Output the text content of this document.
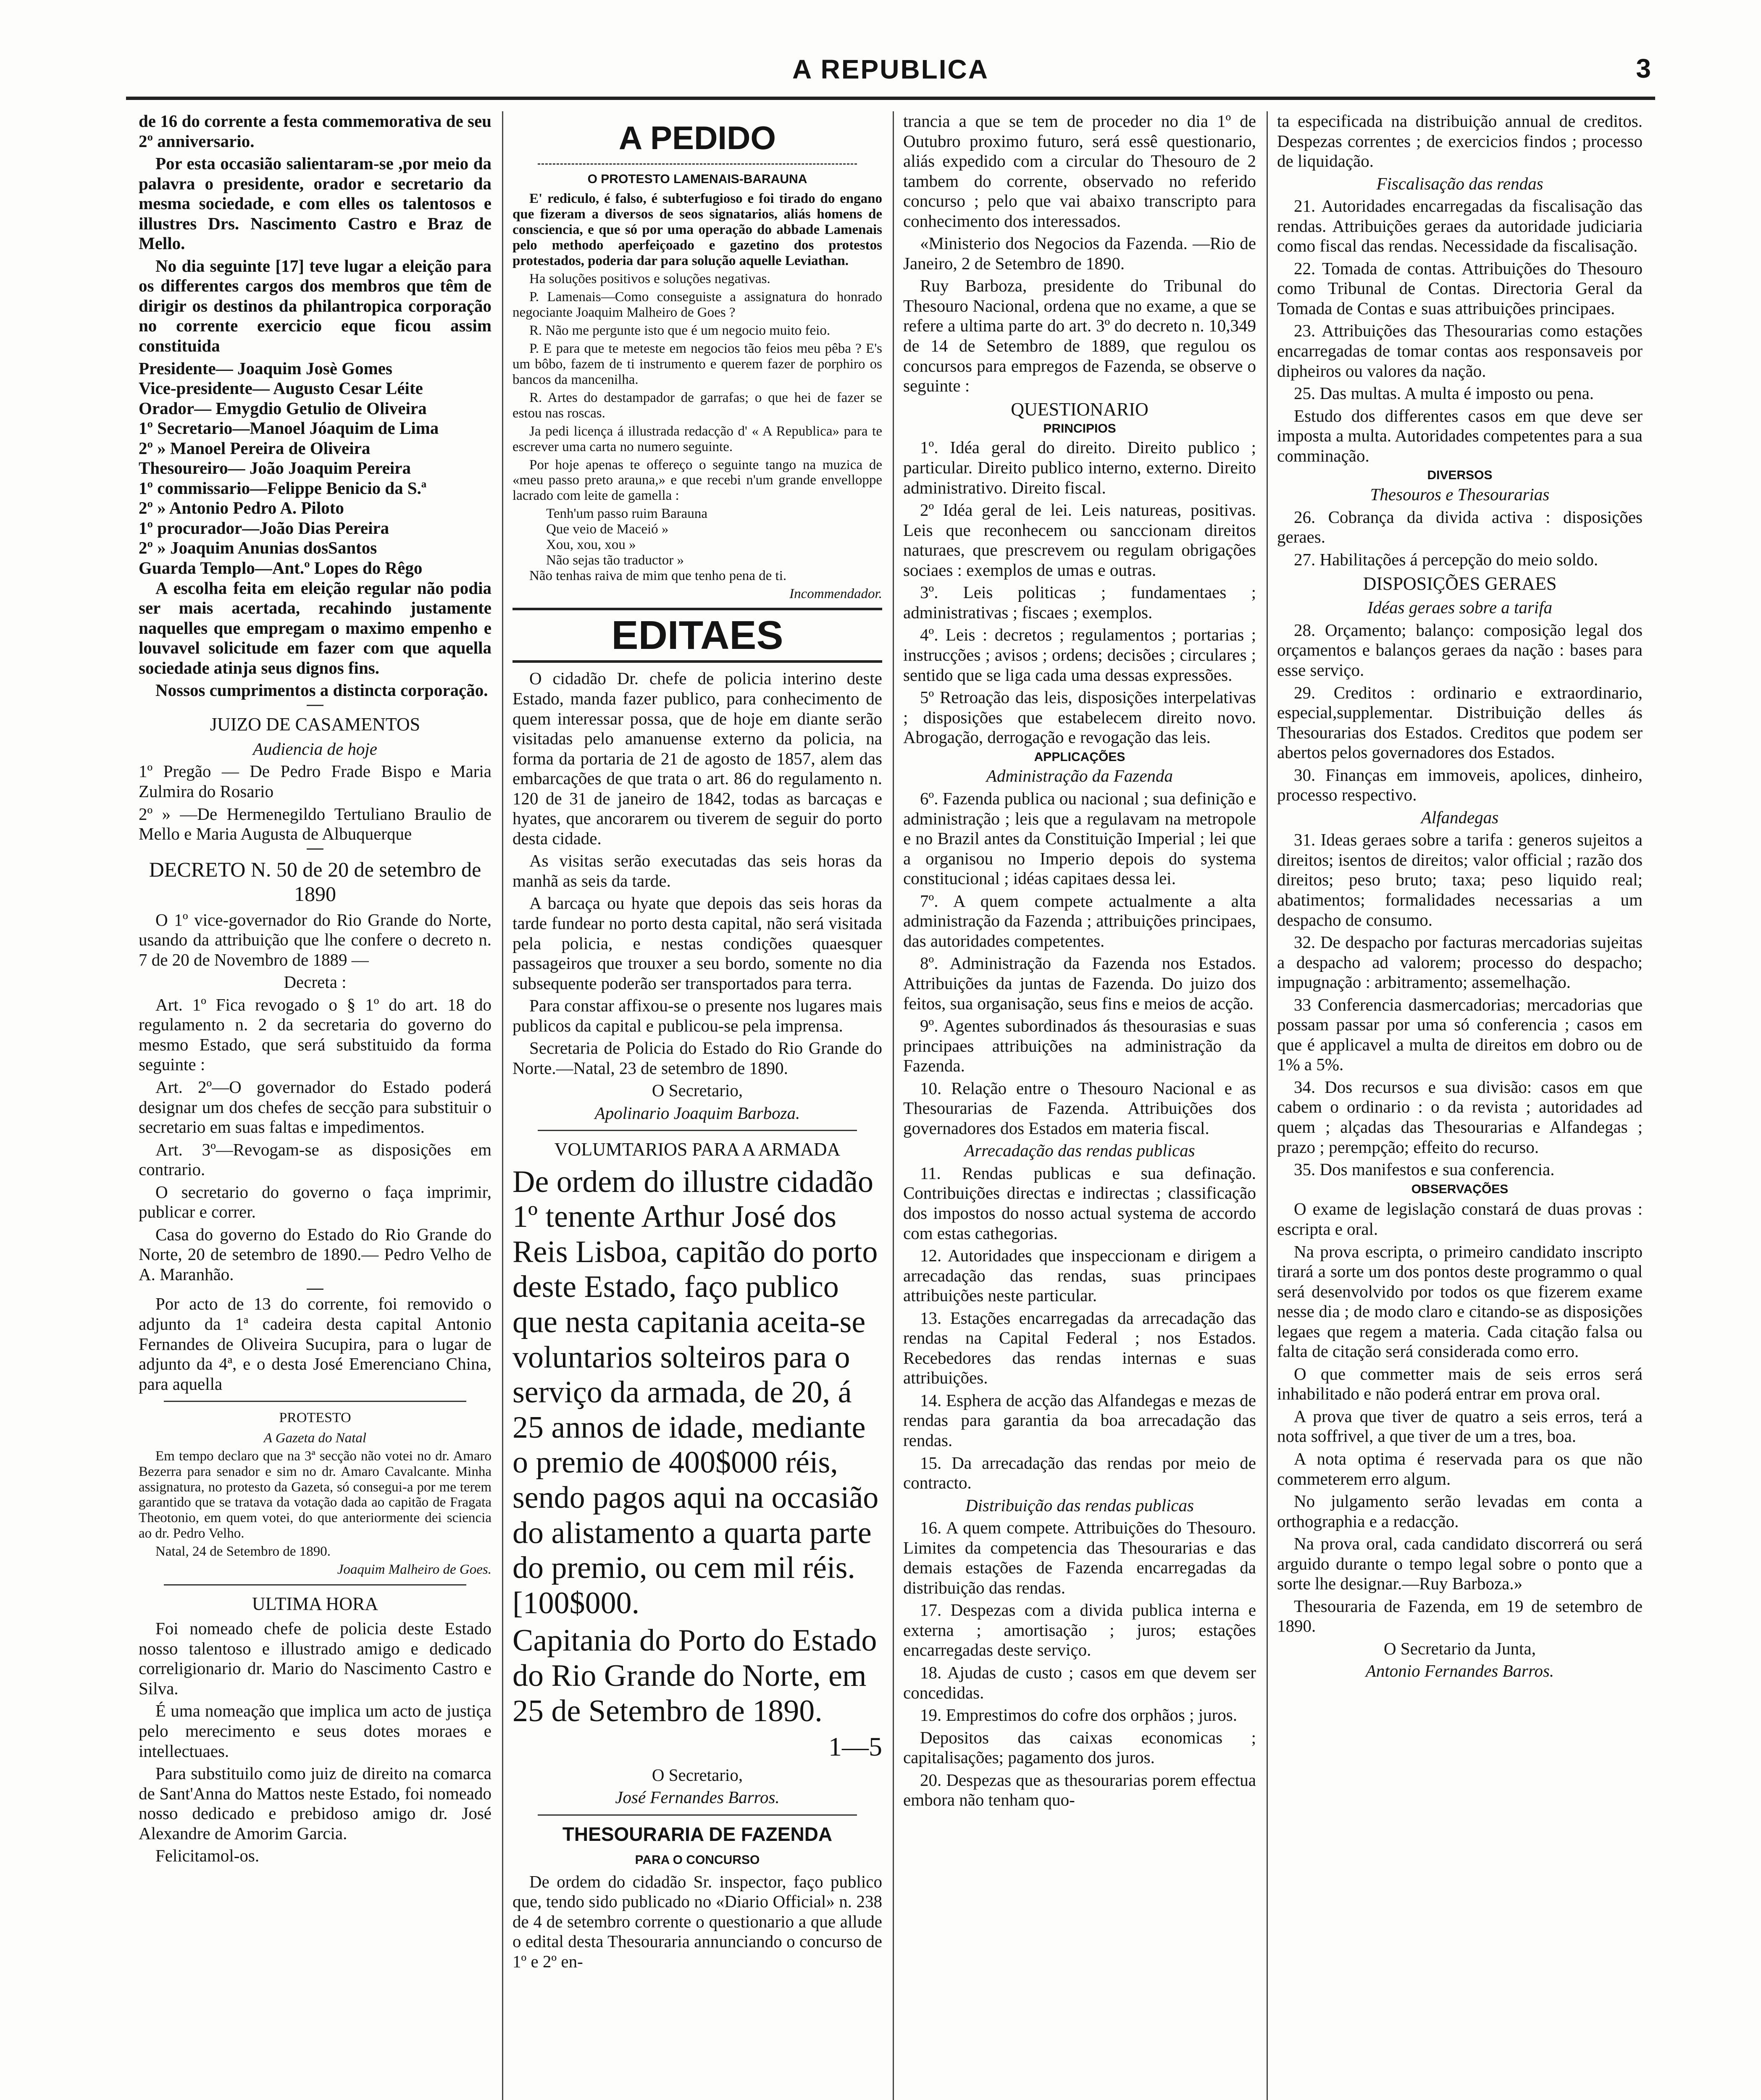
A REPUBLICA	3

de 16 do corrente a festa commemorativa de seu 2º anniversario.

Por esta occasião salientaram-se ,por meio da palavra o presidente, orador e secretario da mesma sociedade, e com elles os talentosos e illustres Drs. Nascimento Castro e Braz de Mello.

No dia seguinte [17] teve lugar a eleição para os differentes cargos dos membros que têm de dirigir os destinos da philantropica corporação no corrente exercicio eque ficou assim constituida

Presidente— Joaquim Josè Gomes
Vice-presidente— Augusto Cesar Léite
Orador— Emygdio Getulio de Oliveira
1º Secretario—Manoel Jóaquim de Lima
2º » Manoel Pereira de Oliveira
Thesoureiro— João Joaquim Pereira
1º commissario—Felippe Benicio da S.ª
2º » Antonio Pedro A. Piloto
1º procurador—João Dias Pereira
2º » Joaquim Anunias dosSantos
Guarda Templo—Ant.º Lopes do Rêgo

A escolha feita em eleição regular não podia ser mais acertada, recahindo justamente naquelles que empregam o maximo empenho e louvavel solicitude em fazer com que aquella sociedade atinja seus dignos fins.

Nossos cumprimentos a distincta corporação.

JUIZO DE CASAMENTOS

Audiencia de hoje

1º Pregão — De Pedro Frade Bispo e Maria Zulmira do Rosario

2º » —De Hermenegildo Tertuliano Braulio de Mello e Maria Augusta de Albuquerque

DECRETO N. 50 de 20 de setembro de 1890

O 1º vice-governador do Rio Grande do Norte, usando da attribuição que lhe confere o decreto n. 7 de 20 de Novembro de 1889 —

Decreta :

Art. 1º Fica revogado o § 1º do art. 18 do regulamento n. 2 da secretaria do governo do mesmo Estado, que será substituido da forma seguinte :

Art. 2º—O governador do Estado poderá designar um dos chefes de secção para substituir o secretario em suas faltas e impedimentos.

Art. 3º—Revogam-se as disposições em contrario.

O secretario do governo o faça imprimir, publicar e correr.

Casa do governo do Estado do Rio Grande do Norte, 20 de setembro de 1890.— Pedro Velho de A. Maranhão.

Por acto de 13 do corrente, foi removido o adjunto da 1ª cadeira desta capital Antonio Fernandes de Oliveira Sucupira, para o lugar de adjunto da 4ª, e o desta José Emerenciano China, para aquella

PROTESTO

A Gazeta do Natal

Em tempo declaro que na 3ª secção não votei no dr. Amaro Bezerra para senador e sim no dr. Amaro Cavalcante. Minha assignatura, no protesto da Gazeta, só consegui-a por me terem garantido que se tratava da votação dada ao capitão de Fragata Theotonio, em quem votei, do que anteriormente dei sciencia ao dr. Pedro Velho.

Natal, 24 de Setembro de 1890.

Joaquim Malheiro de Goes.

ULTIMA HORA

Foi nomeado chefe de policia deste Estado nosso talentoso e illustrado amigo e dedicado correligionario dr. Mario do Nascimento Castro e Silva.

É uma nomeação que implica um acto de justiça pelo merecimento e seus dotes moraes e intellectuaes.

Para substituilo como juiz de direito na comarca de Sant'Anna do Mattos neste Estado, foi nomeado nosso dedicado e prebidoso amigo dr. José Alexandre de Amorim Garcia.

Felicitamol-os.

A PEDIDO
O PROTESTO LAMENAIS-BARAUNA

E' rediculo, é falso, é subterfugioso e foi tirado do engano que fizeram a diversos de seos signatarios, aliás homens de consciencia, e que só por uma operação do abbade Lamenais pelo methodo aperfeiçoado e gazetino dos protestos protestados, poderia dar para solução aquelle Leviathan.

Ha soluções positivos e soluções negativas.

P. Lamenais—Como conseguiste a assignatura do honrado negociante Joaquim Malheiro de Goes ?

R. Não me pergunte isto que é um negocio muito feio.

P. E para que te meteste em negocios tão feios meu pêba ? E's um bôbo, fazem de ti instrumento e querem fazer de porphiro os bancos da mancenilha.

R. Artes do destampador de garrafas; o que hei de fazer se estou nas roscas.

Ja pedi licença á illustrada redacção d' « A Republica» para te escrever uma carta no numero seguinte.

Por hoje apenas te offereço o seguinte tango na muzica de «meu passo preto arauna,» e que recebi n'um grande envelloppe lacrado com leite de gamella :

Tenh'um passo ruim Barauna
Que veio de Maceió »
Xou, xou, xou »
Não sejas tão traductor »

Não tenhas raiva de mim que tenho pena de ti.

Incommendador.

EDITAES

O cidadão Dr. chefe de policia interino deste Estado, manda fazer publico, para conhecimento de quem interessar possa, que de hoje em diante serão visitadas pelo amanuense externo da policia, na forma da portaria de 21 de agosto de 1857, alem das embarcações de que trata o art. 86 do regulamento n. 120 de 31 de janeiro de 1842, todas as barcaças e hyates, que ancorarem ou tiverem de seguir do porto desta cidade.

As visitas serão executadas das seis horas da manhã as seis da tarde.

A barcaça ou hyate que depois das seis horas da tarde fundear no porto desta capital, não será visitada pela policia, e nestas condições quaesquer passageiros que trouxer a seu bordo, somente no dia subsequente poderão ser transportados para terra.

Para constar affixou-se o presente nos lugares mais publicos da capital e publicou-se pela imprensa.

Secretaria de Policia do Estado do Rio Grande do Norte.—Natal, 23 de setembro de 1890.

O Secretario,

Apolinario Joaquim Barboza.

VOLUMTARIOS PARA A ARMADA

De ordem do illustre cidadão 1º tenente Arthur José dos Reis Lisboa, capitão do porto deste Estado, faço publico que nesta capitania aceita-se voluntarios solteiros para o serviço da armada, de 20, á 25 annos de idade, mediante o premio de 400$000 réis, sendo pagos aqui na occasião do alistamento a quarta parte do premio, ou cem mil réis. [100$000.

Capitania do Porto do Estado do Rio Grande do Norte, em 25 de Setembro de 1890.

1—5

O Secretario,

José Fernandes Barros.

THESOURARIA DE FAZENDA
PARA O CONCURSO

De ordem do cidadão Sr. inspector, faço publico que, tendo sido publicado no «Diario Official» n. 238 de 4 de setembro corrente o questionario a que allude o edital desta Thesouraria annunciando o concurso de 1º e 2º en-

trancia a que se tem de proceder no dia 1º de Outubro proximo futuro, será essê questionario, aliás expedido com a circular do Thesouro de 2 tambem do corrente, observado no referido concurso ; pelo que vai abaixo transcripto para conhecimento dos interessados.

«Ministerio dos Negocios da Fazenda. —Rio de Janeiro, 2 de Setembro de 1890.

Ruy Barboza, presidente do Tribunal do Thesouro Nacional, ordena que no exame, a que se refere a ultima parte do art. 3º do decreto n. 10,349 de 14 de Setembro de 1889, que regulou os concursos para empregos de Fazenda, se observe o seguinte :

QUESTIONARIO
PRINCIPIOS

1º. Idéa geral do direito. Direito publico ; particular. Direito publico interno, externo. Direito administrativo. Direito fiscal.

2º Idéa geral de lei. Leis natureas, positivas. Leis que reconhecem ou sanccionam direitos naturaes, que prescrevem ou regulam obrigações sociaes : exemplos de umas e outras.

3º. Leis politicas ; fundamentaes ; administrativas ; fiscaes ; exemplos.

4º. Leis : decretos ; regulamentos ; portarias ; instrucções ; avisos ; ordens; decisões ; circulares ; sentido que se liga cada uma dessas expressões.

5º Retroação das leis, disposições interpelativas ; disposições que estabelecem direito novo. Abrogação, derrogação e revogação das leis.

APPLICAÇÕES

Administração da Fazenda

6º. Fazenda publica ou nacional ; sua definição e administração ; leis que a regulavam na metropole e no Brazil antes da Constituição Imperial ; lei que a organisou no Imperio depois do systema constitucional ; idéas capitaes dessa lei.

7º. A quem compete actualmente a alta administração da Fazenda ; attribuições principaes, das autoridades competentes.

8º. Administração da Fazenda nos Estados. Attribuições da juntas de Fazenda. Do juizo dos feitos, sua organisação, seus fins e meios de acção.

9º. Agentes subordinados ás thesourasias e suas principaes attribuições na administração da Fazenda.

10. Relação entre o Thesouro Nacional e as Thesourarias de Fazenda. Attribuições dos governadores dos Estados em materia fiscal.

Arrecadação das rendas publicas

11. Rendas publicas e sua definação. Contribuições directas e indirectas ; classificação dos impostos do nosso actual systema de accordo com estas cathegorias.

12. Autoridades que inspeccionam e dirigem a arrecadação das rendas, suas principaes attribuições neste particular.

13. Estações encarregadas da arrecadação das rendas na Capital Federal ; nos Estados. Recebedores das rendas internas e suas attribuições.

14. Esphera de acção das Alfandegas e mezas de rendas para garantia da boa arrecadação das rendas.

15. Da arrecadação das rendas por meio de contracto.

Distribuição das rendas publicas

16. A quem compete. Attribuições do Thesouro. Limites da competencia das Thesourarias e das demais estações de Fazenda encarregadas da distribuição das rendas.

17. Despezas com a divida publica interna e externa ; amortisação ; juros; estações encarregadas deste serviço.

18. Ajudas de custo ; casos em que devem ser concedidas.

19. Emprestimos do cofre dos orphãos ; juros.

Depositos das caixas economicas ; capitalisações; pagamento dos juros.

20. Despezas que as thesourarias porem effectua embora não tenham quo-

ta especificada na distribuição annual de creditos. Despezas correntes ; de exercicios findos ; processo de liquidação.

Fiscalisação das rendas

21. Autoridades encarregadas da fiscalisação das rendas. Attribuições geraes da autoridade judiciaria como fiscal das rendas. Necessidade da fiscalisação.

22. Tomada de contas. Attribuições do Thesouro como Tribunal de Contas. Directoria Geral da Tomada de Contas e suas attribuições principaes.

23. Attribuições das Thesourarias como estações encarregadas de tomar contas aos responsaveis por dipheiros ou valores da nação.

25. Das multas. A multa é imposto ou pena.

Estudo dos differentes casos em que deve ser imposta a multa. Autoridades competentes para a sua comminação.

DIVERSOS

Thesouros e Thesourarias

26. Cobrança da divida activa : disposições geraes.

27. Habilitações á percepção do meio soldo.

DISPOSIÇÕES GERAES

Idéas geraes sobre a tarifa

28. Orçamento; balanço: composição legal dos orçamentos e balanços geraes da nação : bases para esse serviço.

29. Creditos : ordinario e extraordinario, especial,supplementar. Distribuição delles ás Thesourarias dos Estados. Creditos que podem ser abertos pelos governadores dos Estados.

30. Finanças em immoveis, apolices, dinheiro, processo respectivo.

Alfandegas

31. Ideas geraes sobre a tarifa : generos sujeitos a direitos; isentos de direitos; valor official ; razão dos direitos; peso bruto; taxa; peso liquido real; abatimentos; formalidades necessarias a um despacho de consumo.

32. De despacho por facturas mercadorias sujeitas a despacho ad valorem; processo do despacho; impugnação : arbitramento; assemelhação.

33 Conferencia dasmercadorias; mercadorias que possam passar por uma só conferencia ; casos em que é applicavel a multa de direitos em dobro ou de 1% a 5%.

34. Dos recursos e sua divisão: casos em que cabem o ordinario : o da revista ; autoridades ad quem ; alçadas das Thesourarias e Alfandegas ; prazo ; perempção; effeito do recurso.

35. Dos manifestos e sua conferencia.

OBSERVAÇÕES

O exame de legislação constará de duas provas : escripta e oral.

Na prova escripta, o primeiro candidato inscripto tirará a sorte um dos pontos deste programmo o qual será desenvolvido por todos os que fizerem exame nesse dia ; de modo claro e citando-se as disposições legaes que regem a materia. Cada citação falsa ou falta de citação será considerada como erro.

O que commetter mais de seis erros será inhabilitado e não poderá entrar em prova oral.

A prova que tiver de quatro a seis erros, terá a nota soffrivel, a que tiver de um a tres, boa.

A nota optima é reservada para os que não commeterem erro algum.

No julgamento serão levadas em conta a orthographia e a redacção.

Na prova oral, cada candidato discorrerá ou será arguido durante o tempo legal sobre o ponto que a sorte lhe designar.—Ruy Barboza.»

Thesouraria de Fazenda, em 19 de setembro de 1890.

O Secretario da Junta,

Antonio Fernandes Barros.
